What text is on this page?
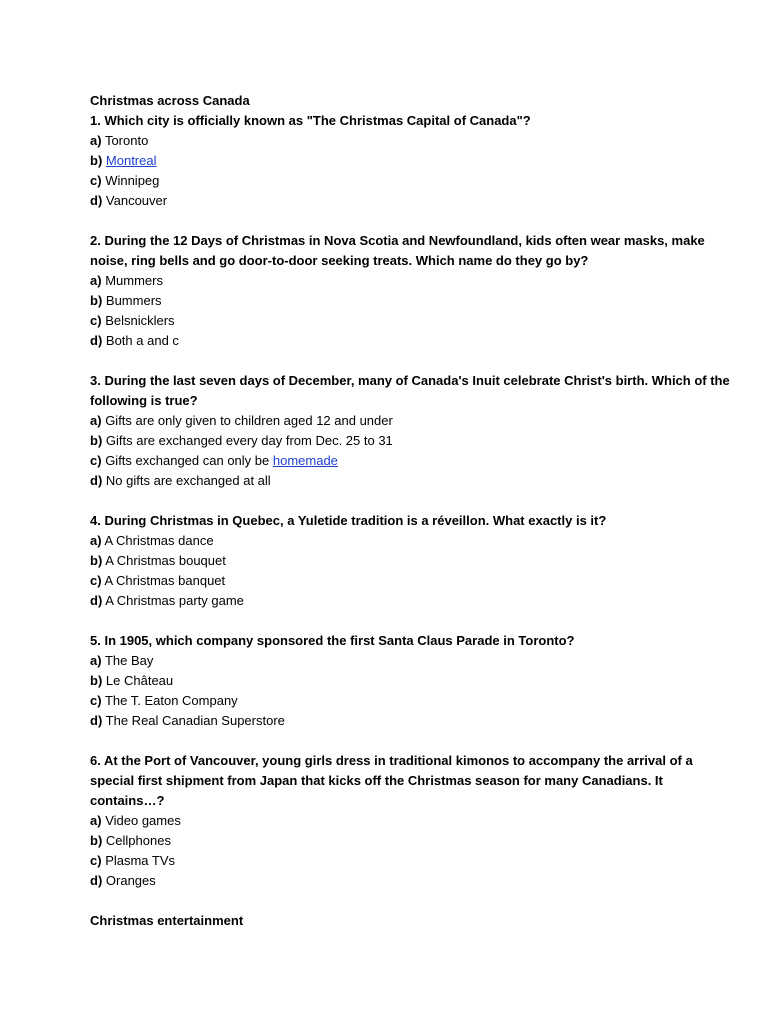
Christmas across Canada
1. Which city is officially known as "The Christmas Capital of Canada"?
a) Toronto
b) Montreal
c) Winnipeg
d) Vancouver
2. During the 12 Days of Christmas in Nova Scotia and Newfoundland, kids often wear masks, make noise, ring bells and go door-to-door seeking treats. Which name do they go by?
a) Mummers
b) Bummers
c) Belsnicklers
d) Both a and c
3. During the last seven days of December, many of Canada's Inuit celebrate Christ's birth. Which of the following is true?
a) Gifts are only given to children aged 12 and under
b) Gifts are exchanged every day from Dec. 25 to 31
c) Gifts exchanged can only be homemade
d) No gifts are exchanged at all
4. During Christmas in Quebec, a Yuletide tradition is a réveillon. What exactly is it?
a) A Christmas dance
b) A Christmas bouquet
c) A Christmas banquet
d) A Christmas party game
5. In 1905, which company sponsored the first Santa Claus Parade in Toronto?
a) The Bay
b) Le Château
c) The T. Eaton Company
d) The Real Canadian Superstore
6. At the Port of Vancouver, young girls dress in traditional kimonos to accompany the arrival of a special first shipment from Japan that kicks off the Christmas season for many Canadians. It contains…?
a) Video games
b) Cellphones
c) Plasma TVs
d) Oranges
Christmas entertainment
